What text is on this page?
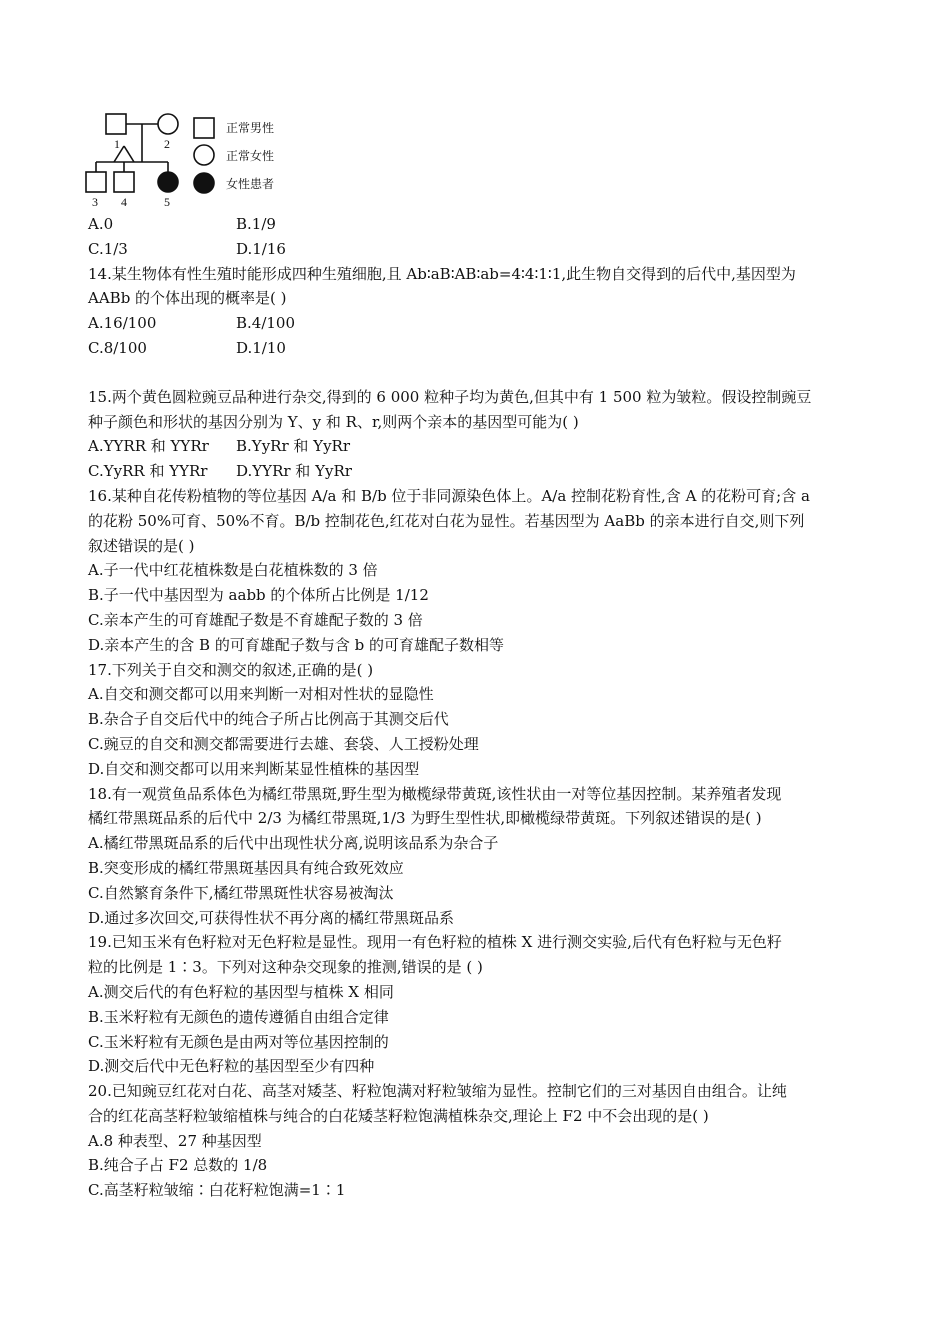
1	2
3 4	5
正常男性
正常女性
女性患者
A.0	B.1/9
C.1/3	D.1/16
14.某生物体有性生殖时能形成四种生殖细胞,且 Ab∶aB∶AB∶ab=4∶4∶1∶1,此生物自交得到的后代中,基因型为
AABb 的个体出现的概率是( )
A.16/100	B.4/100
C.8/100	D.1/10
15.两个黄色圆粒豌豆品种进行杂交,得到的 6 000 粒种子均为黄色,但其中有 1 500 粒为皱粒。假设控制豌豆
种子颜色和形状的基因分别为 Y、y 和 R、r,则两个亲本的基因型可能为( )
A.YYRR 和 YYRr	B.YyRr 和 YyRr
C.YyRR 和 YYRr	D.YYRr 和 YyRr
16.某种自花传粉植物的等位基因 A/a 和 B/b 位于非同源染色体上。A/a 控制花粉育性,含 A 的花粉可育;含 a
的花粉 50%可育、50%不育。B/b 控制花色,红花对白花为显性。若基因型为 AaBb 的亲本进行自交,则下列
叙述错误的是( )
A.子一代中红花植株数是白花植株数的 3 倍
B.子一代中基因型为 aabb 的个体所占比例是 1/12
C.亲本产生的可育雄配子数是不育雄配子数的 3 倍
D.亲本产生的含 B 的可育雄配子数与含 b 的可育雄配子数相等
17.下列关于自交和测交的叙述,正确的是( )
A.自交和测交都可以用来判断一对相对性状的显隐性
B.杂合子自交后代中的纯合子所占比例高于其测交后代
C.豌豆的自交和测交都需要进行去雄、套袋、人工授粉处理
D.自交和测交都可以用来判断某显性植株的基因型
18.有一观赏鱼品系体色为橘红带黑斑,野生型为橄榄绿带黄斑,该性状由一对等位基因控制。某养殖者发现
橘红带黑斑品系的后代中 2/3 为橘红带黑斑,1/3 为野生型性状,即橄榄绿带黄斑。下列叙述错误的是( )
A.橘红带黑斑品系的后代中出现性状分离,说明该品系为杂合子
B.突变形成的橘红带黑斑基因具有纯合致死效应
C.自然繁育条件下,橘红带黑斑性状容易被淘汰
D.通过多次回交,可获得性状不再分离的橘红带黑斑品系
19.已知玉米有色籽粒对无色籽粒是显性。现用一有色籽粒的植株 X 进行测交实验,后代有色籽粒与无色籽
粒的比例是 1∶3。下列对这种杂交现象的推测,错误的是 ( )
A.测交后代的有色籽粒的基因型与植株 X 相同
B.玉米籽粒有无颜色的遗传遵循自由组合定律
C.玉米籽粒有无颜色是由两对等位基因控制的
D.测交后代中无色籽粒的基因型至少有四种
20.已知豌豆红花对白花、高茎对矮茎、籽粒饱满对籽粒皱缩为显性。控制它们的三对基因自由组合。让纯
合的红花高茎籽粒皱缩植株与纯合的白花矮茎籽粒饱满植株杂交,理论上 F2 中不会出现的是( )
A.8 种表型、27 种基因型
B.纯合子占 F2 总数的 1/8
C.高茎籽粒皱缩∶白花籽粒饱满=1∶1
